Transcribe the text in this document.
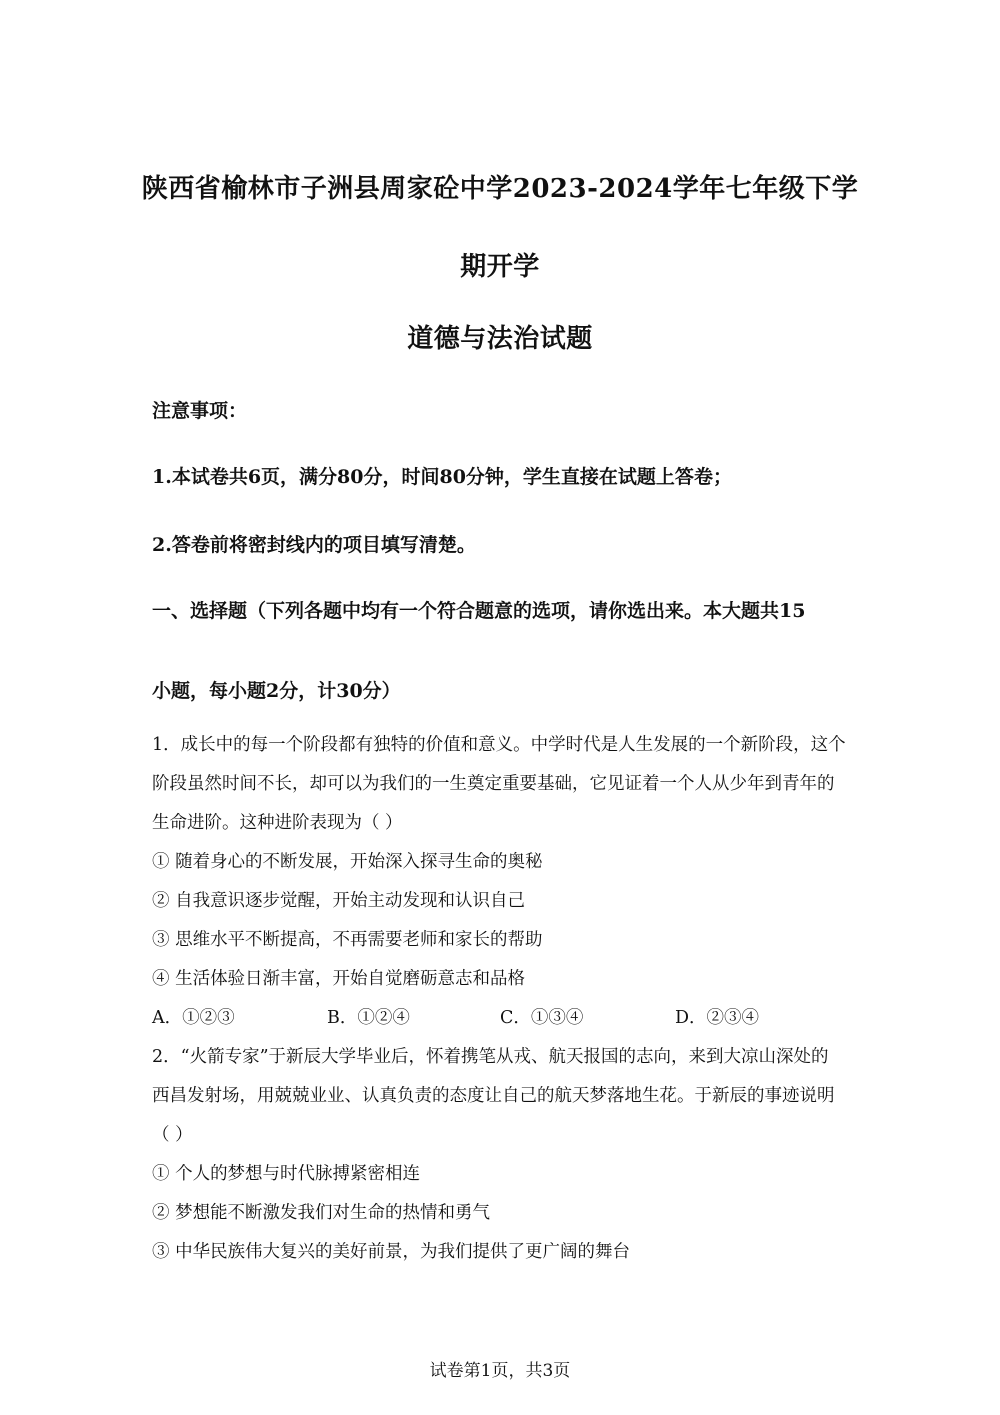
陕西省榆林市子洲县周家砼中学2023-2024学年七年级下学
期开学
道德与法治试题
注意事项：
1.本试卷共6页，满分80分，时间80分钟，学生直接在试题上答卷；
2.答卷前将密封线内的项目填写清楚。
一、选择题（下列各题中均有一个符合题意的选项，请你选出来。本大题共15
小题，每小题2分，计30分）
1．成长中的每一个阶段都有独特的价值和意义。中学时代是人生发展的一个新阶段，这个
阶段虽然时间不长，却可以为我们的一生奠定重要基础，它见证着一个人从少年到青年的
生命进阶。这种进阶表现为（ ）
① 随着身心的不断发展，开始深入探寻生命的奥秘
② 自我意识逐步觉醒，开始主动发现和认识自己
③ 思维水平不断提高，不再需要老师和家长的帮助
④ 生活体验日渐丰富，开始自觉磨砺意志和品格
A．①②③	B．①②④	C．①③④	D．②③④
2．“火箭专家”于新辰大学毕业后，怀着携笔从戎、航天报国的志向，来到大凉山深处的
西昌发射场，用兢兢业业、认真负责的态度让自己的航天梦落地生花。于新辰的事迹说明
（ ）
① 个人的梦想与时代脉搏紧密相连
② 梦想能不断激发我们对生命的热情和勇气
③ 中华民族伟大复兴的美好前景，为我们提供了更广阔的舞台
试卷第1页，共3页
